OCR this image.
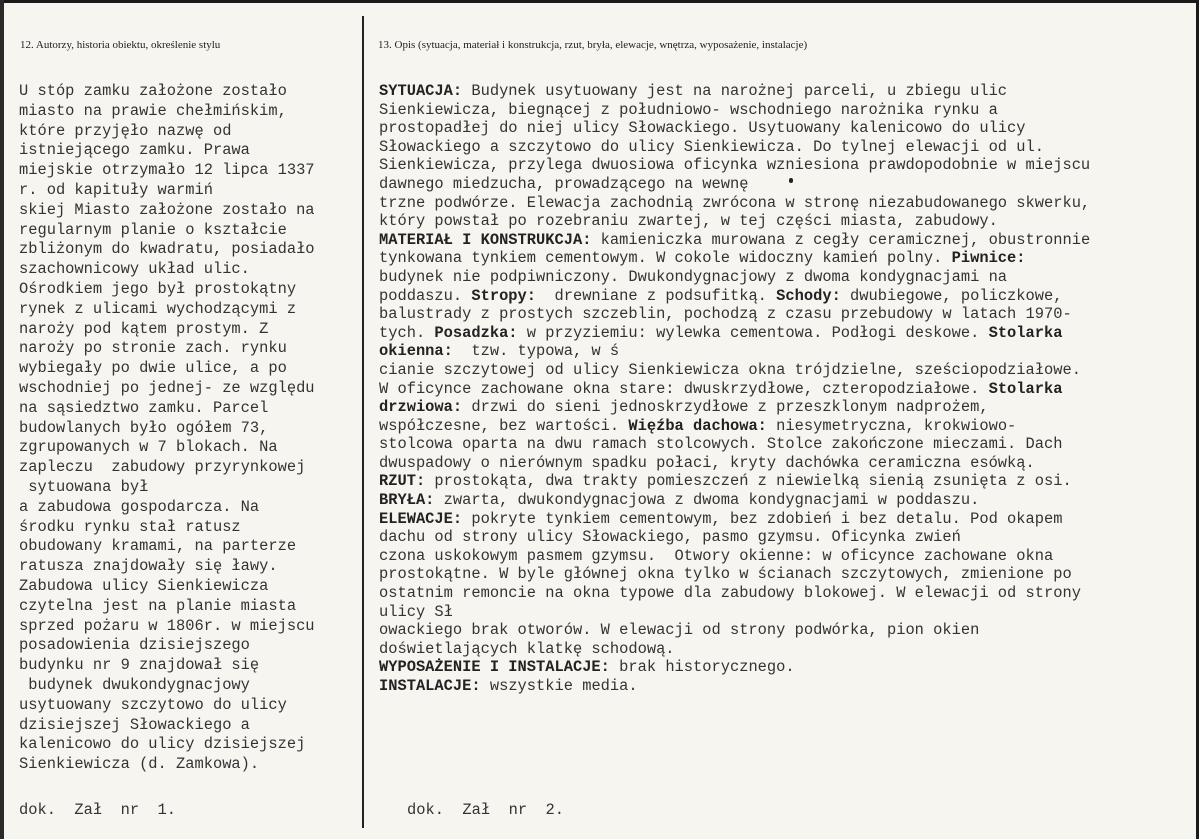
12. Autorzy, historia obiektu, określenie stylu	13. Opis (sytuacja, materiał i konstrukcja, rzut, bryła, elewacje, wnętrza, wyposażenie, instalacje)
U stóp zamku założone zostało
miasto na prawie chełmińskim,
które przyjęło nazwę od
istniejącego zamku. Prawa
miejskie otrzymało 12 lipca 1337
r. od kapituły warmiń
skiej Miasto założone zostało na
regularnym planie o kształcie
zbliżonym do kwadratu, posiadało
szachownicowy układ ulic.
Ośrodkiem jego był prostokątny
rynek z ulicami wychodzącymi z
naroży pod kątem prostym. Z
naroży po stronie zach. rynku
wybiegały po dwie ulice, a po
wschodniej po jednej- ze względu
na sąsiedztwo zamku. Parcel
budowlanych było ogółem 73,
zgrupowanych w 7 blokach. Na
zapleczu  zabudowy przyrynkowej
sytuowana był
a zabudowa gospodarcza. Na
środku rynku stał ratusz
obudowany kramami, na parterze
ratusza znajdowały się ławy.
Zabudowa ulicy Sienkiewicza
czytelna jest na planie miasta
sprzed pożaru w 1806r. w miejscu
posadowienia dzisiejszego
budynku nr 9 znajdował się
budynek dwukondygnacjowy
usytuowany szczytowo do ulicy
dzisiejszej Słowackiego a
kalenicowo do ulicy dzisiejszej
Sienkiewicza (d. Zamkowa).
SYTUACJA: Budynek usytuowany jest na narożnej parceli, u zbiegu ulic
Sienkiewicza, biegnącej z południowo- wschodniego narożnika rynku a
prostopadłej do niej ulicy Słowackiego. Usytuowany kalenicowo do ulicy
Słowackiego a szczytowo do ulicy Sienkiewicza. Do tylnej elewacji od ul.
Sienkiewicza, przylega dwuosiowa oficynka wzniesiona prawdopodobnie w miejscu
dawnego miedzucha, prowadzącego na wewnę
trzne podwórze. Elewacja zachodnią zwrócona w stronę niezabudowanego skwerku,
który powstał po rozebraniu zwartej, w tej części miasta, zabudowy.
MATERIAŁ I KONSTRUKCJA: kamieniczka murowana z cegły ceramicznej, obustronnie
tynkowana tynkiem cementowym. W cokole widoczny kamień polny. Piwnice:
budynek nie podpiwniczony. Dwukondygnacjowy z dwoma kondygnacjami na
poddaszu. Stropy:  drewniane z podsufitką. Schody: dwubiegowe, policzkowe,
balustrady z prostych szczeblin, pochodzą z czasu przebudowy w latach 1970-
tych. Posadzka: w przyziemiu: wylewka cementowa. Podłogi deskowe. Stolarka
okienna:  tzw. typowa, w ś
cianie szczytowej od ulicy Sienkiewicza okna trójdzielne, sześciopodziałowe.
W oficynce zachowane okna stare: dwuskrzydłowe, czteropodziałowe. Stolarka
drzwiowa: drzwi do sieni jednoskrzydłowe z przeszklonym nadprożem,
współczesne, bez wartości. Więźba dachowa: niesymetryczna, krokwiowo-
stolcowa oparta na dwu ramach stolcowych. Stolce zakończone mieczami. Dach
dwuspadowy o nierównym spadku połaci, kryty dachówka ceramiczna esówką.
RZUT: prostokąta, dwa trakty pomieszczeń z niewielką sienią zsunięta z osi.
BRYŁA: zwarta, dwukondygnacjowa z dwoma kondygnacjami w poddaszu.
ELEWACJE: pokryte tynkiem cementowym, bez zdobień i bez detalu. Pod okapem
dachu od strony ulicy Słowackiego, pasmo gzymsu. Oficynka zwień
czona uskokowym pasmem gzymsu.  Otwory okienne: w oficynce zachowane okna
prostokątne. W byle głównej okna tylko w ścianach szczytowych, zmienione po
ostatnim remoncie na okna typowe dla zabudowy blokowej. W elewacji od strony
ulicy Sł
owackiego brak otworów. W elewacji od strony podwórka, pion okien
doświetlających klatkę schodową.
WYPOSAŻENIE I INSTALACJE: brak historycznego.
INSTALACJE: wszystkie media.
dok.  Zał  nr  1.	dok.  Zał  nr  2.
